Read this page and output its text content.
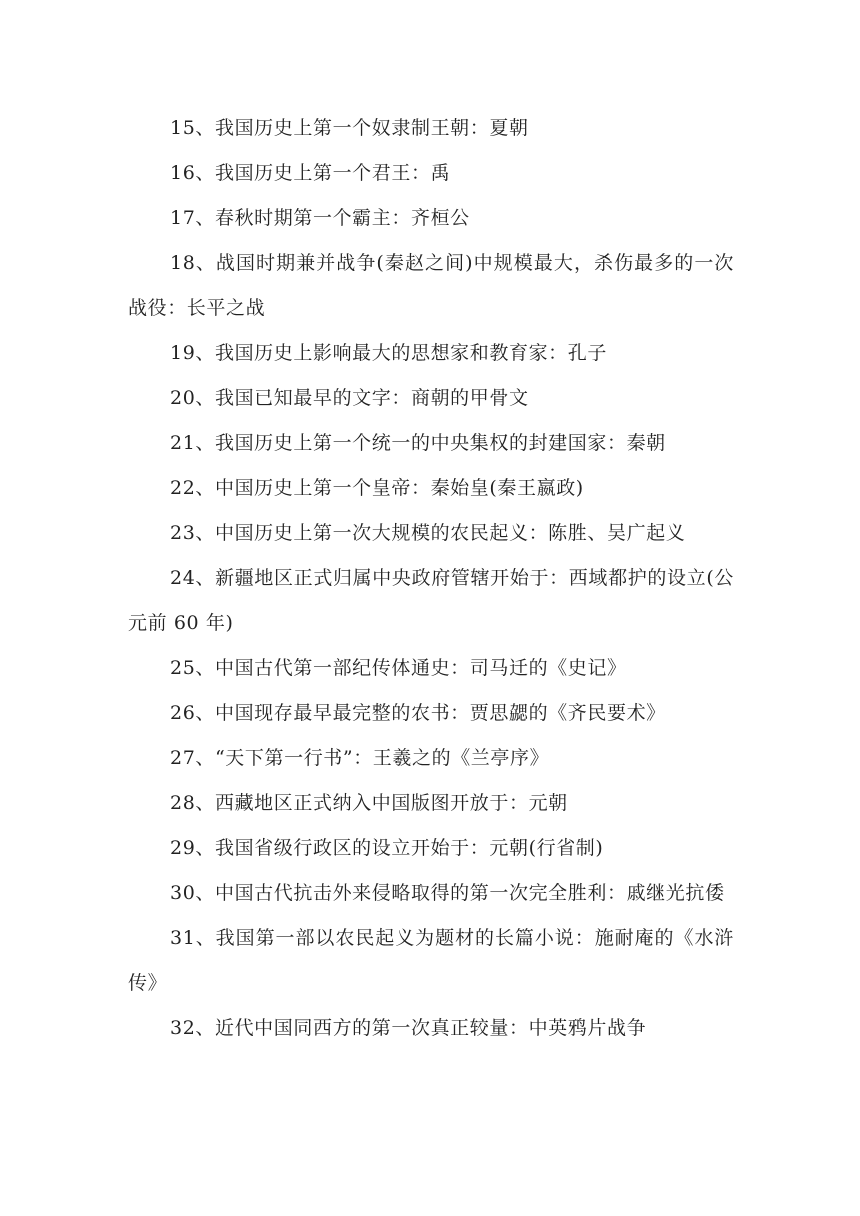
15、我国历史上第一个奴隶制王朝：夏朝

16、我国历史上第一个君王：禹

17、春秋时期第一个霸主：齐桓公

18、战国时期兼并战争(秦赵之间)中规模最大，杀伤最多的一次战役：长平之战

19、我国历史上影响最大的思想家和教育家：孔子

20、我国已知最早的文字：商朝的甲骨文

21、我国历史上第一个统一的中央集权的封建国家：秦朝

22、中国历史上第一个皇帝：秦始皇(秦王嬴政)

23、中国历史上第一次大规模的农民起义：陈胜、吴广起义

24、新疆地区正式归属中央政府管辖开始于：西域都护的设立(公元前 60 年)

25、中国古代第一部纪传体通史：司马迁的《史记》

26、中国现存最早最完整的农书：贾思勰的《齐民要术》

27、“天下第一行书”：王羲之的《兰亭序》

28、西藏地区正式纳入中国版图开放于：元朝

29、我国省级行政区的设立开始于：元朝(行省制)

30、中国古代抗击外来侵略取得的第一次完全胜利：戚继光抗倭

31、我国第一部以农民起义为题材的长篇小说：施耐庵的《水浒传》

32、近代中国同西方的第一次真正较量：中英鸦片战争
